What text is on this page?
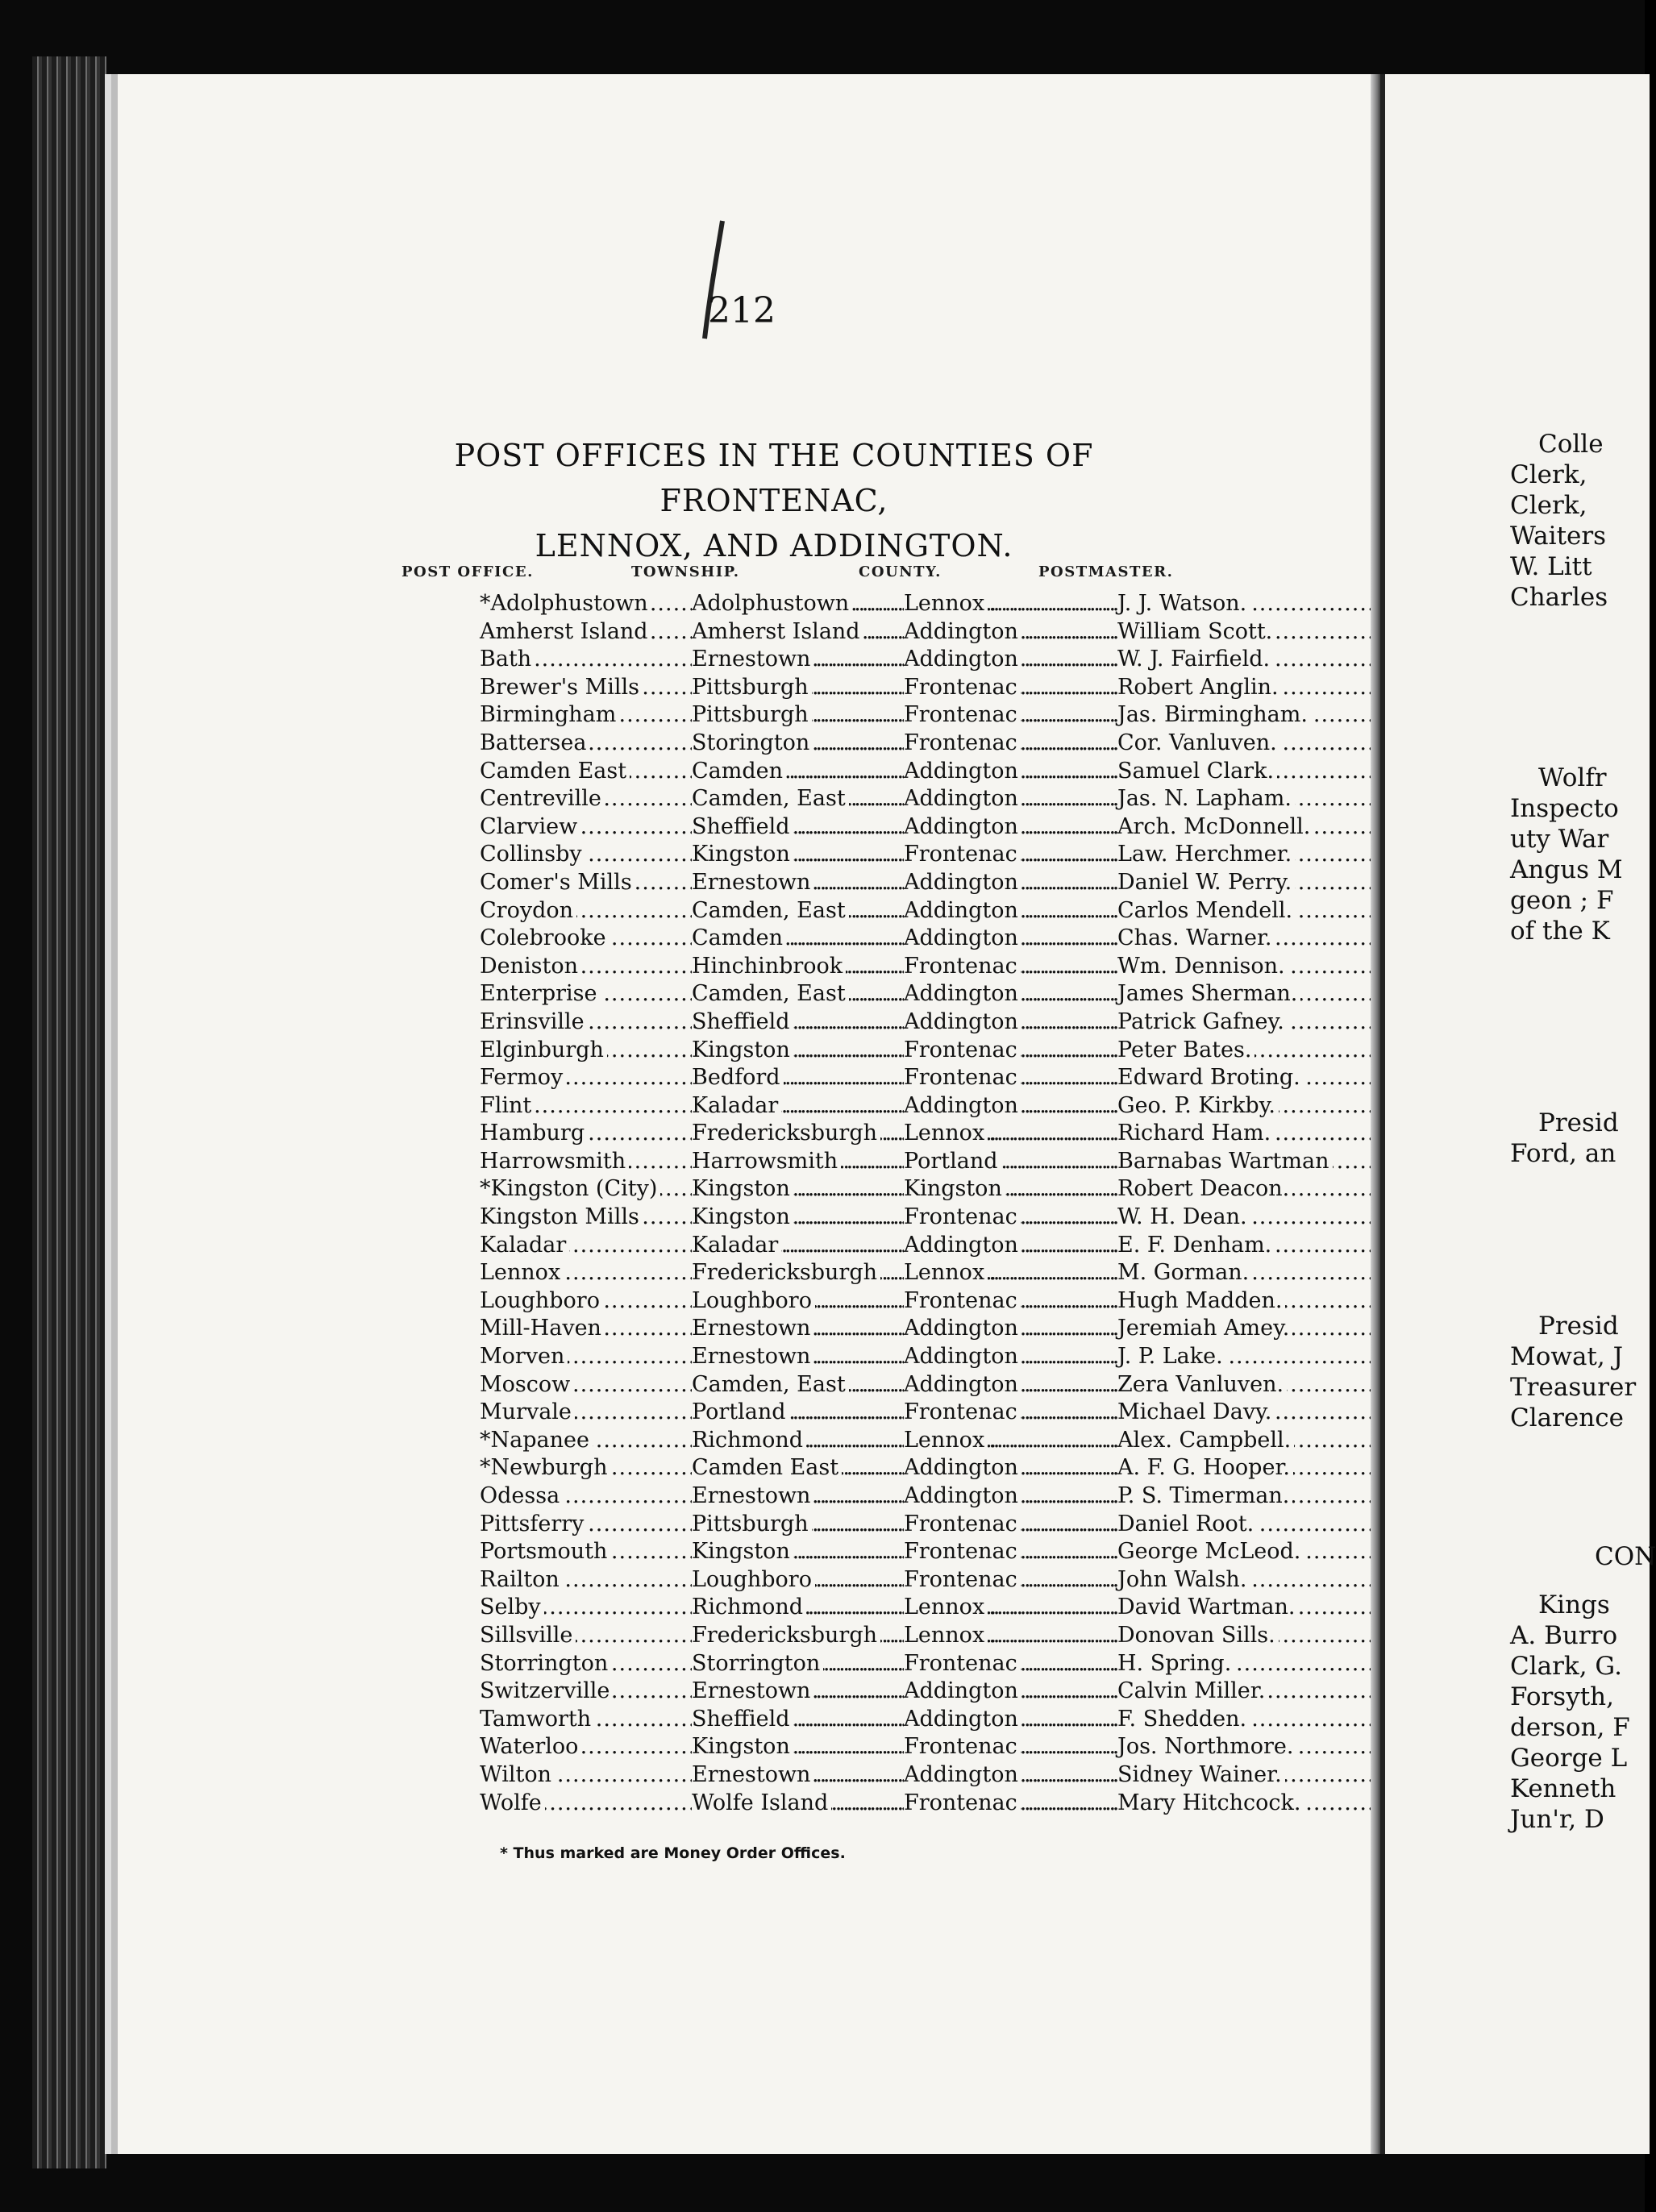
212
POST OFFICES IN THE COUNTIES OF FRONTENAC,
LENNOX, AND ADDINGTON.
POST OFFICE.	TOWNSHIP.	COUNTY.	POSTMASTER.
*Adolphustown .....	Adolphustown .....	Lennox .....	J. J. Watson.
Amherst Island .....	Amherst Island .....	Addington .....	William Scott.
Bath .....	Ernestown .....	Addington .....	W. J. Fairfield.
Brewer's Mills .....	Pittsburgh .....	Frontenac .....	Robert Anglin.
Birmingham .....	Pittsburgh .....	Frontenac .....	Jas. Birmingham.
Battersea .....	Storington .....	Frontenac .....	Cor. Vanluven.
Camden East .....	Camden .....	Addington .....	Samuel Clark.
Centreville .....	Camden, East .....	Addington .....	Jas. N. Lapham.
Clarview .....	Sheffield .....	Addington .....	Arch. McDonnell.
Collinsby .....	Kingston .....	Frontenac .....	Law. Herchmer.
Comer's Mills .....	Ernestown .....	Addington .....	Daniel W. Perry.
Croydon .....	Camden, East .....	Addington .....	Carlos Mendell.
Colebrooke .....	Camden .....	Addington .....	Chas. Warner.
Deniston .....	Hinchinbrook .....	Frontenac .....	Wm. Dennison.
Enterprise .....	Camden, East .....	Addington .....	James Sherman.
Erinsville .....	Sheffield .....	Addington .....	Patrick Gafney.
Elginburgh .....	Kingston .....	Frontenac .....	Peter Bates.
Fermoy .....	Bedford .....	Frontenac .....	Edward Broting.
Flint .....	Kaladar .....	Addington .....	Geo. P. Kirkby.
Hamburg .....	Fredericksburgh .....	Lennox .....	Richard Ham.
Harrowsmith .....	Harrowsmith .....	Portland .....	Barnabas Wartman
*Kingston (City) .....	Kingston .....	Kingston .....	Robert Deacon.
Kingston Mills .....	Kingston .....	Frontenac .....	W. H. Dean.
Kaladar .....	Kaladar .....	Addington .....	E. F. Denham.
Lennox .....	Fredericksburgh .....	Lennox .....	M. Gorman.
Loughboro .....	Loughboro .....	Frontenac .....	Hugh Madden.
Mill-Haven .....	Ernestown .....	Addington .....	Jeremiah Amey.
Morven .....	Ernestown .....	Addington .....	J. P. Lake.
Moscow .....	Camden, East .....	Addington .....	Zera Vanluven.
Murvale .....	Portland .....	Frontenac .....	Michael Davy.
*Napanee .....	Richmond .....	Lennox .....	Alex. Campbell.
*Newburgh .....	Camden East .....	Addington .....	A. F. G. Hooper.
Odessa .....	Ernestown .....	Addington .....	P. S. Timerman.
Pittsferry .....	Pittsburgh .....	Frontenac .....	Daniel Root.
Portsmouth .....	Kingston .....	Frontenac .....	George McLeod.
Railton .....	Loughboro .....	Frontenac .....	John Walsh.
Selby .....	Richmond .....	Lennox .....	David Wartman.
Sillsville .....	Fredericksburgh .....	Lennox .....	Donovan Sills.
Storrington .....	Storrington .....	Frontenac .....	H. Spring.
Switzerville .....	Ernestown .....	Addington .....	Calvin Miller.
Tamworth .....	Sheffield .....	Addington .....	F. Shedden.
Waterloo .....	Kingston .....	Frontenac .....	Jos. Northmore.
Wilton .....	Ernestown .....	Addington .....	Sidney Wainer.
Wolfe .....	Wolfe Island .....	Frontenac .....	Mary Hitchcock.
* Thus marked are Money Order Offices.
Colle
Clerk,
Clerk,
Waiters
W. Litt
Charles
Wolfr
Inspecto
uty War
Angus M
geon ; F
of the K
Presid
Ford, an
Presid
Mowat, J
Treasurer
Clarence
CON
Kings
A. Burro
Clark, G.
Forsyth,
derson, F
George L
Kenneth
Jun'r, D
